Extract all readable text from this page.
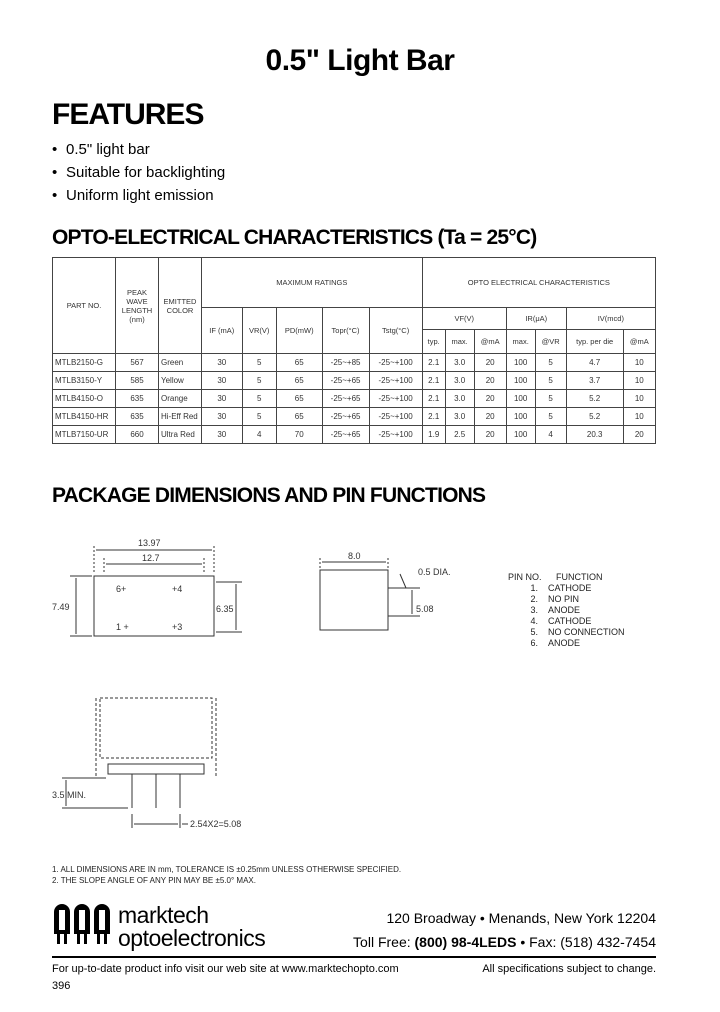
0.5" Light Bar
FEATURES
• 0.5" light bar
• Suitable for backlighting
• Uniform light emission
OPTO-ELECTRICAL CHARACTERISTICS (Ta = 25°C)
PART NO.	PEAK WAVE LENGTH (nm)	EMITTED COLOR	MAXIMUM RATINGS					OPTO ELECTRICAL CHARACTERISTICS						
			IF (mA)	VR(V)	PD(mW)	Topr(°C)	Tstg(°C)	VF(V)			IR(μA)		IV(mcd)	
								typ.	max.	@mA	max.	@VR	typ. per die	@mA
MTLB2150-G	567	Green	30	5	65	-25~+85	-25~+100	2.1	3.0	20	100	5	4.7	10
MTLB3150-Y	585	Yellow	30	5	65	-25~+65	-25~+100	2.1	3.0	20	100	5	3.7	10
MTLB4150-O	635	Orange	30	5	65	-25~+65	-25~+100	2.1	3.0	20	100	5	5.2	10
MTLB4150-HR	635	Hi-Eff Red	30	5	65	-25~+65	-25~+100	2.1	3.0	20	100	5	5.2	10
MTLB7150-UR	660	Ultra Red	30	4	70	-25~+65	-25~+100	1.9	2.5	20	100	4	20.3	20
PACKAGE DIMENSIONS AND PIN FUNCTIONS
13.97
12.7
7.49	6.35
6+	+4
1 +	+3
8.0
0.5 DIA.
5.08
PIN NO.	FUNCTION
1.	CATHODE
2.	NO PIN
3.	ANODE
4.	CATHODE
5.	NO CONNECTION
6.	ANODE
3.5 MIN.
2.54X2=5.08
1. ALL DIMENSIONS ARE IN mm, TOLERANCE IS ±0.25mm UNLESS OTHERWISE SPECIFIED.
2. THE SLOPE ANGLE OF ANY PIN MAY BE ±5.0° MAX.
marktech
optoelectronics
120 Broadway • Menands, New York 12204
Toll Free: (800) 98-4LEDS • Fax: (518) 432-7454
For up-to-date product info visit our web site at www.marktechopto.com	All specifications subject to change.
396
